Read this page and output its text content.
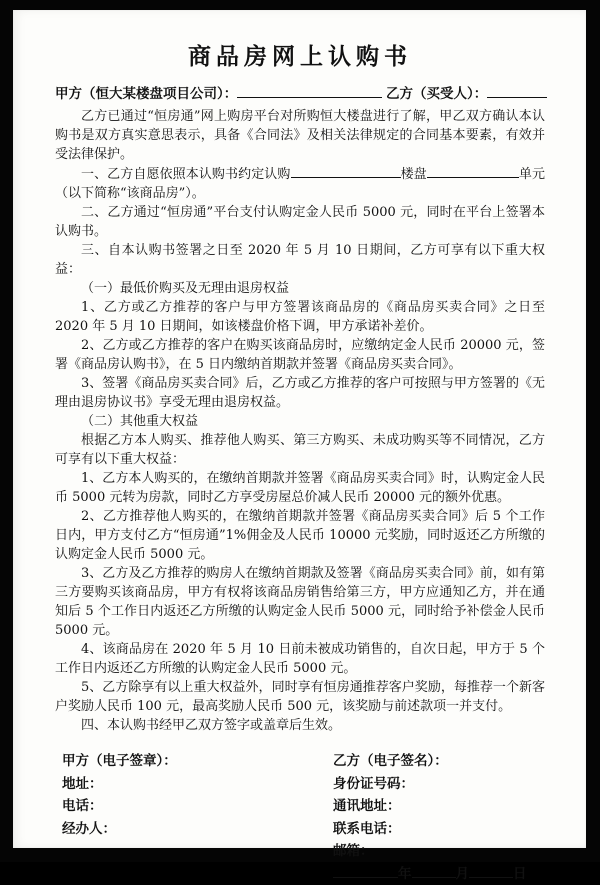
商品房网上认购书
甲方（恒大某楼盘项目公司）：	乙方（买受人）：

乙方已通过“恒房通”网上购房平台对所购恒大楼盘进行了解，甲乙双方确认本认购书是双方真实意思表示，具备《合同法》及相关法律规定的合同基本要素，有效并受法律保护。

一、乙方自愿依照本认购书约定认购	楼盘	单元（以下简称“该商品房”）。

二、乙方通过“恒房通”平台支付认购定金人民币 5000 元，同时在平台上签署本认购书。

三、自本认购书签署之日至 2020 年 5 月 10 日期间，乙方可享有以下重大权益：

（一）最低价购买及无理由退房权益

1、乙方或乙方推荐的客户与甲方签署该商品房的《商品房买卖合同》之日至 2020 年 5 月 10 日期间，如该楼盘价格下调，甲方承诺补差价。

2、乙方或乙方推荐的客户在购买该商品房时，应缴纳定金人民币 20000 元，签署《商品房认购书》，在 5 日内缴纳首期款并签署《商品房买卖合同》。

3、签署《商品房买卖合同》后，乙方或乙方推荐的客户可按照与甲方签署的《无理由退房协议书》享受无理由退房权益。

（二）其他重大权益

根据乙方本人购买、推荐他人购买、第三方购买、未成功购买等不同情况，乙方可享有以下重大权益：

1、乙方本人购买的，在缴纳首期款并签署《商品房买卖合同》时，认购定金人民币 5000 元转为房款，同时乙方享受房屋总价减人民币 20000 元的额外优惠。

2、乙方推荐他人购买的，在缴纳首期款并签署《商品房买卖合同》后 5 个工作日内，甲方支付乙方“恒房通”1%佣金及人民币 10000 元奖励，同时返还乙方所缴的认购定金人民币 5000 元。

3、乙方及乙方推荐的购房人在缴纳首期款及签署《商品房买卖合同》前，如有第三方要购买该商品房，甲方有权将该商品房销售给第三方，甲方应通知乙方，并在通知后 5 个工作日内返还乙方所缴的认购定金人民币 5000 元，同时给予补偿金人民币 5000 元。

4、该商品房在 2020 年 5 月 10 日前未被成功销售的，自次日起，甲方于 5 个工作日内返还乙方所缴的认购定金人民币 5000 元。

5、乙方除享有以上重大权益外，同时享有恒房通推荐客户奖励，每推荐一个新客户奖励人民币 100 元，最高奖励人民币 500 元，该奖励与前述款项一并支付。

四、本认购书经甲乙双方签字或盖章后生效。

甲方（电子签章）：
地址：
电话：
经办人：
乙方（电子签名）：
身份证号码：
通讯地址：
联系电话：
邮箱：
年	月	日
